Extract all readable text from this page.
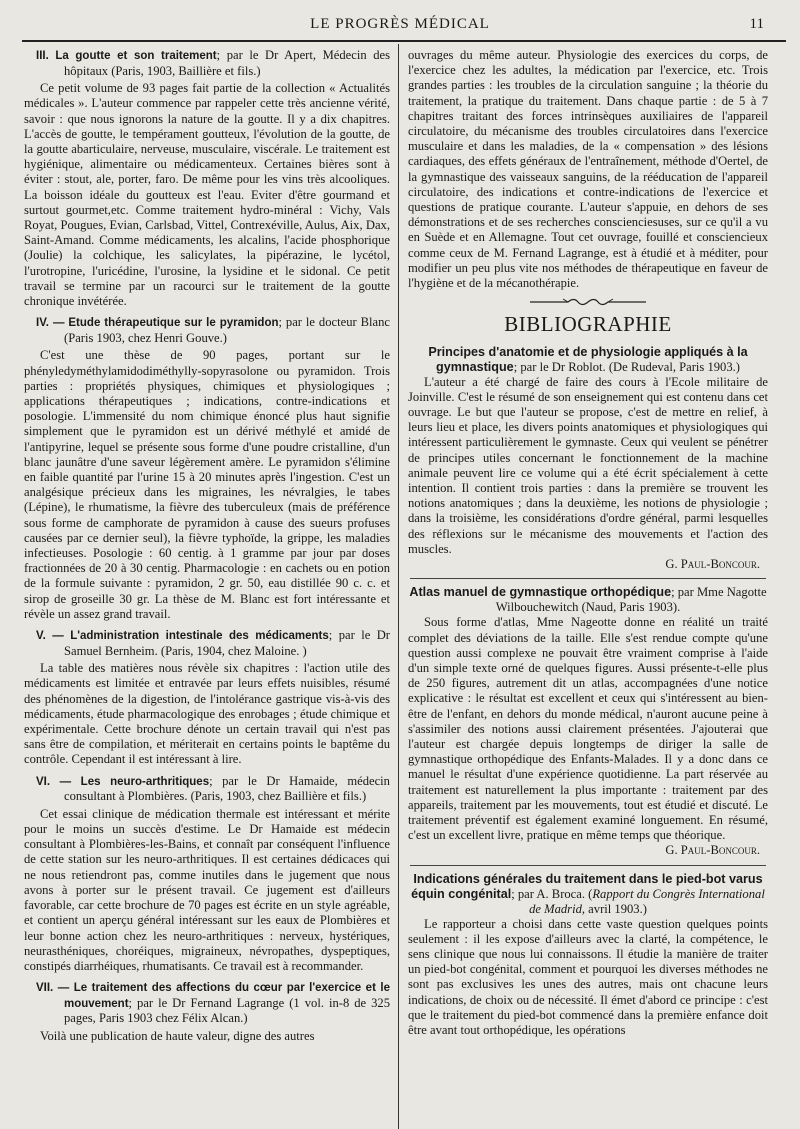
LE PROGRÈS MÉDICAL	11

III. La goutte et son traitement; par le Dr Apert, Médecin des hôpitaux (Paris, 1903, Baillière et fils.)

Ce petit volume de 93 pages fait partie de la collection « Actualités médicales ». L'auteur commence par rappeler cette très ancienne vérité, savoir : que nous ignorons la nature de la goutte. Il y a dix chapitres. L'accès de goutte, le tempérament goutteux, l'évolution de la goutte, de la goutte abarticulaire, nerveuse, musculaire, viscérale. Le traitement est hygiénique, alimentaire ou médicamenteux. Certaines bières sont à éviter : stout, ale, porter, faro. De même pour les vins très alcooliques. La boisson idéale du goutteux est l'eau. Eviter d'être gourmand et surtout gourmet,etc. Comme traitement hydro-minéral : Vichy, Vals Royat, Pougues, Evian, Carlsbad, Vittel, Contrexéville, Aulus, Aix, Dax, Saint-Amand. Comme médicaments, les alcalins, l'acide phosphorique (Joulie) la colchique, les salicylates, la pipérazine, le lycétol, l'urotropine, l'uricédine, l'urosine, la lysidine et le sidonal. Ce petit travail se termine par un racourci sur le traitement de la goutte chronique invétérée.

IV. — Etude thérapeutique sur le pyramidon; par le docteur Blanc (Paris 1903, chez Henri Gouve.)

C'est une thèse de 90 pages, portant sur le phényledyméthylamidodiméthylly-sopyrasolone ou pyramidon. Trois parties : propriétés physiques, chimiques et physiologiques ; applications thérapeutiques ; indications, contre-indications et posologie. L'immensité du nom chimique énoncé plus haut signifie simplement que le pyramidon est un dérivé méthylé et amidé de l'antipyrine, lequel se présente sous forme d'une poudre cristalline, d'un blanc jaunâtre d'une saveur légèrement amère. Le pyramidon s'élimine en faible quantité par l'urine 15 à 20 minutes après l'ingestion. C'est un analgésique précieux dans les migraines, les névralgies, le tabes (Lépine), le rhumatisme, la fièvre des tuberculeux (mais de préférence sous forme de camphorate de pyramidon à cause des sueurs profuses causées par ce dernier seul), la fièvre typhoïde, la grippe, les maladies infectieuses. Posologie : 60 centig. à 1 gramme par jour par doses fractionnées de 20 à 30 centig. Pharmacologie : en cachets ou en potion de la formule suivante : pyramidon, 2 gr. 50, eau distillée 90 c. c. et sirop de groseille 30 gr. La thèse de M. Blanc est fort intéressante et révèle un assez grand travail.

V. — L'administration intestinale des médicaments; par le Dr Samuel Bernheim. (Paris, 1904, chez Maloine. )

La table des matières nous révèle six chapitres : l'action utile des médicaments est limitée et entravée par leurs effets nuisibles, résumé des phénomènes de la digestion, de l'intolérance gastrique vis-à-vis des médicaments, étude pharmacologique des enrobages ; étude chimique et expérimentale. Cette brochure dénote un certain travail qui n'est pas sans être de compilation, et mériterait en certains points le baptême du contrôle. Cependant il est intéressant à lire.

VI. — Les neuro-arthritiques; par le Dr Hamaide, médecin consultant à Plombières. (Paris, 1903, chez Baillière et fils.)

Cet essai clinique de médication thermale est intéressant et mérite pour le moins un succès d'estime. Le Dr Hamaide est médecin consultant à Plombières-les-Bains, et connaît par conséquent l'influence de cette station sur les neuro-arthritiques. Il est certaines dédicaces qui ne nous retiendront pas, comme inutiles dans le jugement que nous avons à porter sur le présent travail. Ce jugement est d'ailleurs favorable, car cette brochure de 70 pages est écrite en un style agréable, et contient un aperçu général intéressant sur les eaux de Plombières et leur bonne action chez les neuro-arthritiques : nerveux, hystériques, neurasthéniques, choréiques, migraineux, névropathes, dyspeptiques, constipés diarrhéiques, rhumatisants. Ce travail est à recommander.

VII. — Le traitement des affections du cœur par l'exercice et le mouvement; par le Dr Fernand Lagrange (1 vol. in-8 de 325 pages, Paris 1903 chez Félix Alcan.)

Voilà une publication de haute valeur, digne des autres

ouvrages du même auteur. Physiologie des exercices du corps, de l'exercice chez les adultes, la médication par l'exercice, etc. Trois grandes parties : les troubles de la circulation sanguine ; la théorie du traitement, la pratique du traitement. Dans chaque partie : de 5 à 7 chapitres traitant des forces intrinsèques auxiliaires de l'appareil circulatoire, du mécanisme des troubles circulatoires dans l'exercice musculaire et dans les maladies, de la « compensation » des lésions cardiaques, des effets généraux de l'entraînement, méthode d'Oertel, de la gymnastique des vaisseaux sanguins, de la rééducation de l'appareil circulatoire, des indications et contre-indications de l'exercice et questions de pratique courante. L'auteur s'appuie, en dehors de ses démonstrations et de ses recherches conscienciesuses, sur ce qu'il a vu en Suède et en Allemagne. Tout cet ouvrage, fouillé et consciencieux comme ceux de M. Fernand Lagrange, est à étudié et à méditer, pour modifier un peu plus vite nos méthodes de thérapeutique en faveur de l'hygiène et de la mécanothérapie.

BIBLIOGRAPHIE

Principes d'anatomie et de physiologie appliqués à la gymnastique; par le Dr Roblot. (De Rudeval, Paris 1903.)

L'auteur a été chargé de faire des cours à l'Ecole militaire de Joinville. C'est le résumé de son enseignement qui est contenu dans cet ouvrage. Le but que l'auteur se propose, c'est de mettre en relief, à leurs lieu et place, les divers points anatomiques et physiologiques qui intéressent particulièrement le gymnaste. Ceux qui veulent se pénétrer de principes utiles concernant le fonctionnement de la machine animale peuvent lire ce volume qui a été écrit spécialement à cette intention. Il contient trois parties : dans la première se trouvent les notions anatomiques ; dans la deuxième, les notions de physiologie ; dans la troisième, les considérations d'ordre général, parmi lesquelles des réflexions sur le mécanisme des mouvements et l'action des muscles.

G. Paul-Boncour.

Atlas manuel de gymnastique orthopédique; par Mme Nagotte Wilbouchewitch (Naud, Paris 1903).

Sous forme d'atlas, Mme Nageotte donne en réalité un traité complet des déviations de la taille. Elle s'est rendue compte qu'une question aussi complexe ne pouvait être vraiment comprise à l'aide d'un simple texte orné de quelques figures. Aussi présente-t-elle plus de 250 figures, autrement dit un atlas, accompagnées d'une notice explicative : le résultat est excellent et ceux qui s'intéressent au bien-être de l'enfant, en dehors du monde médical, n'auront aucune peine à s'assimiler des notions aussi clairement présentées. J'ajouterai que l'auteur est chargée depuis longtemps de diriger la salle de gymnastique orthopédique des Enfants-Malades. Il y a donc dans ce manuel le résultat d'une expérience quotidienne. La part réservée au traitement est naturellement la plus importante : traitement par des appareils, traitement par les mouvements, tout est étudié et discuté. Le traitement préventif est également examiné longuement. En résumé, c'est un excellent livre, pratique en même temps que théorique.

G. Paul-Boncour.

Indications générales du traitement dans le pied-bot varus équin congénital; par A. Broca. (Rapport du Congrès International de Madrid, avril 1903.)

Le rapporteur a choisi dans cette vaste question quelques points seulement : il les expose d'ailleurs avec la clarté, la compétence, le sens clinique que nous lui connaissons. Il étudie la manière de traiter un pied-bot congénital, comment et pourquoi les diverses méthodes ne sont pas exclusives les unes des autres, mais ont chacune leurs indications, de choix ou de nécessité. Il émet d'abord ce principe : c'est que le traitement du pied-bot commencé dans la première enfance doit être avant tout orthopédique, les opérations
